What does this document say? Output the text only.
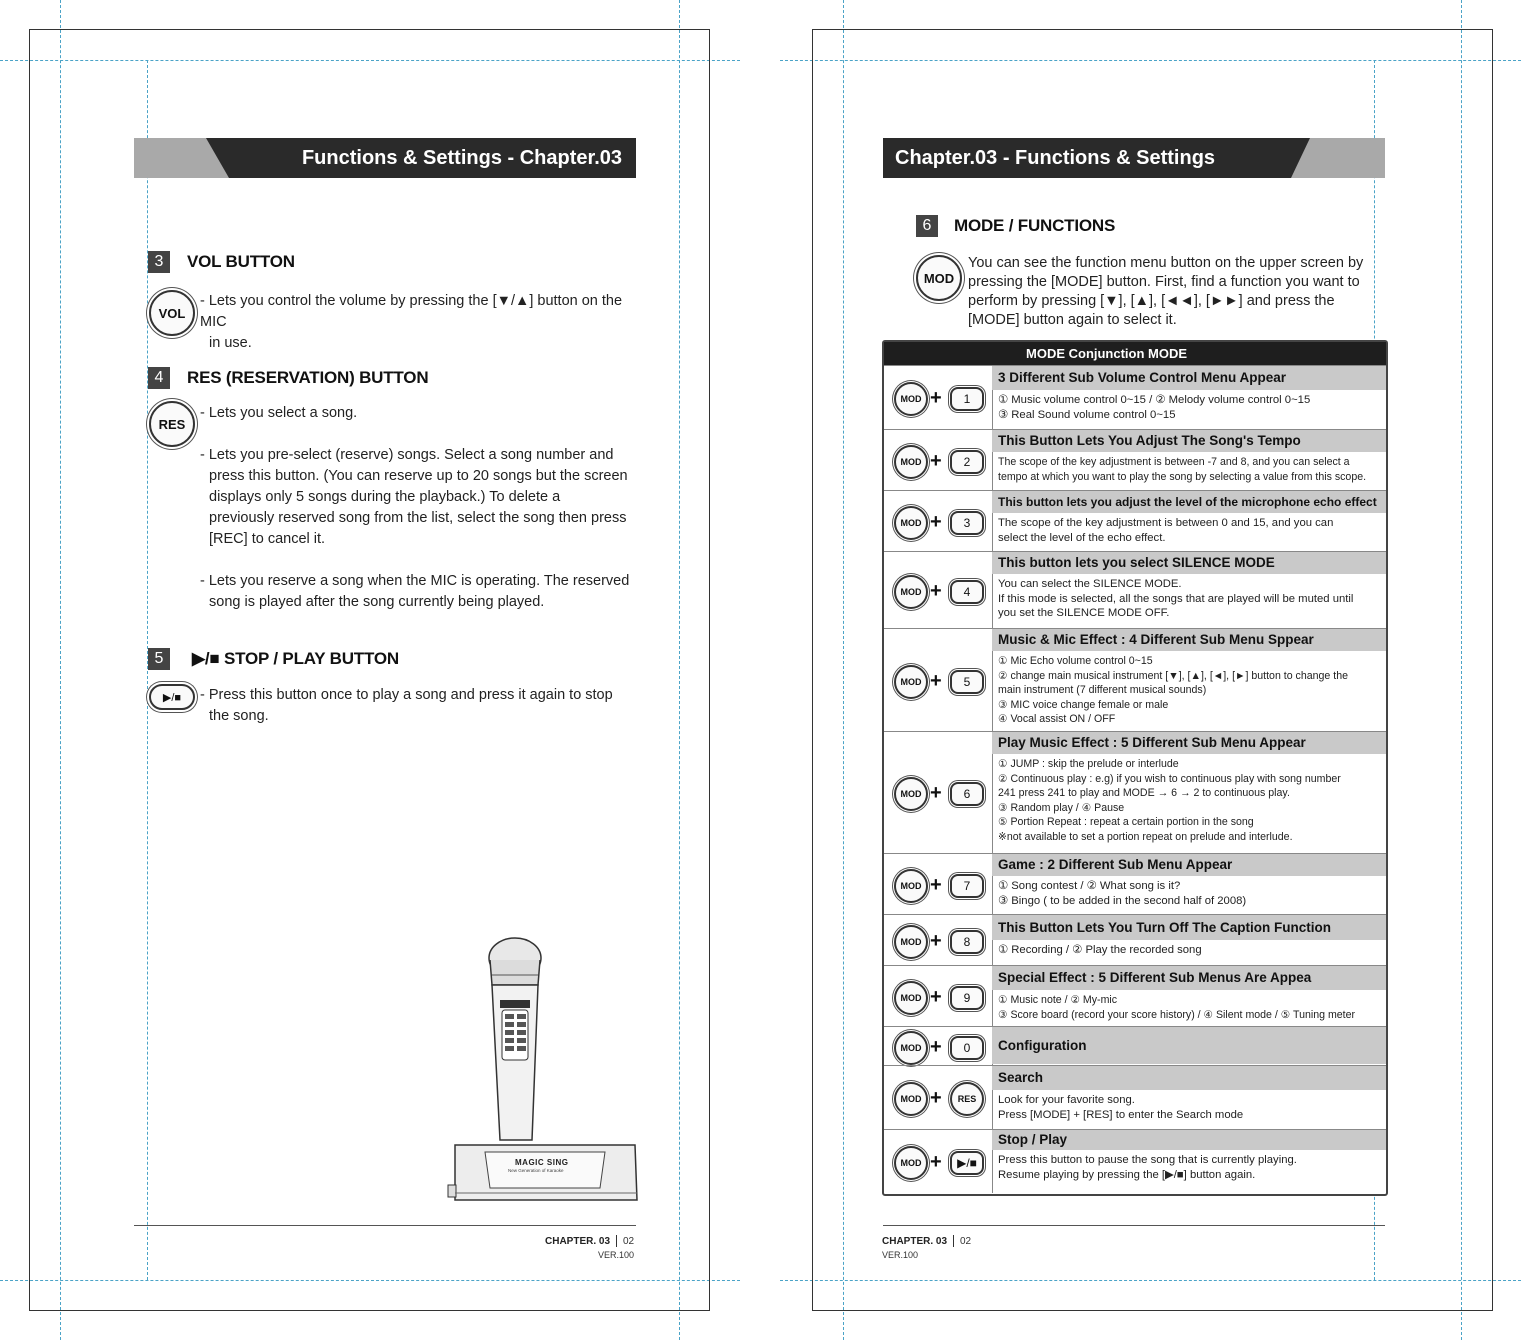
Functions & Settings - Chapter.03
3	VOL BUTTON
VOL

- Lets you control the volume by pressing the [▼/▲] button on the MIC

in use.

4	RES (RESERVATION) BUTTON
RES

- Lets you select a song.

- Lets you pre-select (reserve) songs. Select a song number and

press this button. (You can reserve up to 20 songs but the screen

displays only 5 songs during the playback.) To delete a

previously reserved song from the list, select the song then press

[REC] to cancel it.

- Lets you reserve a song when the MIC is operating. The reserved

song is played after the song currently being played.

5	▶/■ STOP / PLAY BUTTON
▶/■ - Press this button once to play a song and press it again to stop

the song.

MAGIC SING
New Generation of Karaoke
CHAPTER. 03 02
VER.100
Chapter.03 - Functions & Settings
6	MODE / FUNCTIONS
MOD

You can see the function menu button on the upper screen by

pressing the [MODE] button. First, find a function you want to

perform by pressing [▼], [▲], [◄◄], [►►] and press the

[MODE] button again to select it.

MODE Conjunction MODE
MOD +	1
3 Different Sub Volume Control Menu Appear

① Music volume control 0~15 / ② Melody volume control 0~15

③ Real Sound volume control 0~15

MOD +	2
This Button Lets You Adjust The Song's Tempo

The scope of the key adjustment is between -7 and 8, and you can select a

tempo at which you want to play the song by selecting a value from this scope.

MOD +	3
This button lets you adjust the level of the microphone echo effect

The scope of the key adjustment is between 0 and 15, and you can

select the level of the echo effect.

MOD +	4
This button lets you select SILENCE MODE

You can select the SILENCE MODE.

If this mode is selected, all the songs that are played will be muted until

you set the SILENCE MODE OFF.

MOD +	5
Music & Mic Effect : 4 Different Sub Menu Sppear

① Mic Echo volume control 0~15

② change main musical instrument [▼], [▲], [◄], [►] button to change the

main instrument (7 different musical sounds)

③ MIC voice change female or male

④ Vocal assist ON / OFF

MOD +	6
Play Music Effect : 5 Different Sub Menu Appear

① JUMP : skip the prelude or interlude

② Continuous play : e.g) if you wish to continuous play with song number

241 press 241 to play and MODE → 6 → 2 to continuous play.

③ Random play / ④ Pause

⑤ Portion Repeat : repeat a certain portion in the song

※not available to set a portion repeat on prelude and interlude.

MOD +	7
Game : 2 Different Sub Menu Appear

① Song contest / ② What song is it?

③ Bingo ( to be added in the second half of 2008)

MOD +	8
This Button Lets You Turn Off The Caption Function

① Recording / ② Play the recorded song

MOD +	9
Special Effect : 5 Different Sub Menus Are Appea

① Music note / ② My-mic

③ Score board (record your score history) / ④ Silent mode / ⑤ Tuning meter

MOD +	0	Configuration
MOD +	RES
Search

Look for your favorite song.

Press [MODE] + [RES] to enter the Search mode

MOD +	▶/■
Stop / Play

Press this button to pause the song that is currently playing.

Resume playing by pressing the [▶/■] button again.

CHAPTER. 03 02
VER.100
